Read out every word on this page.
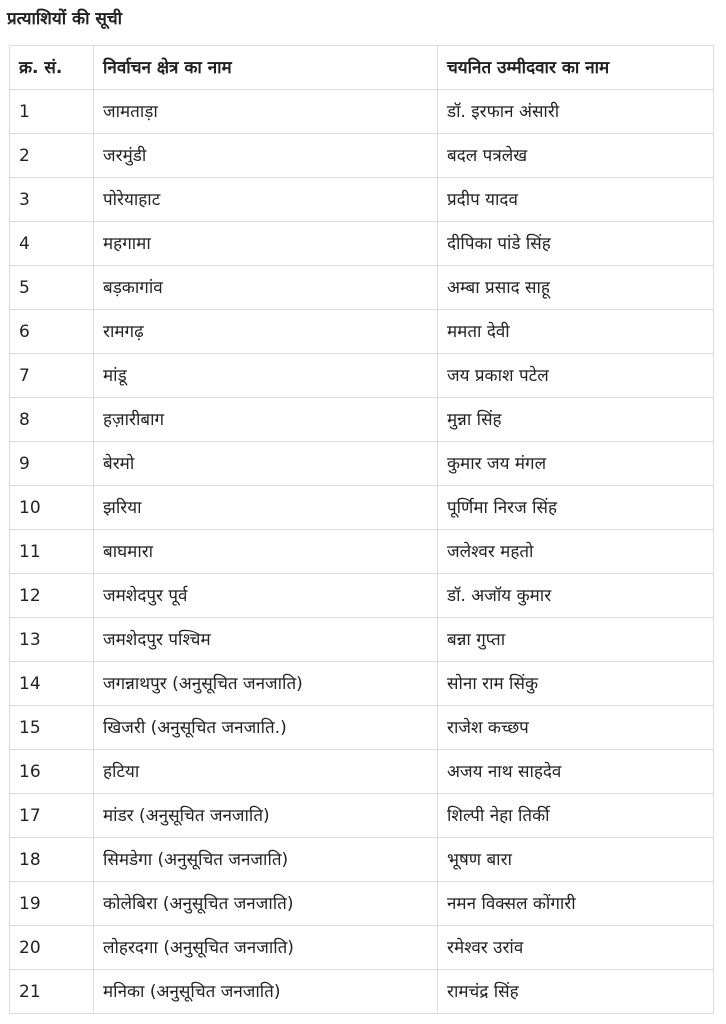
प्रत्याशियों की सूची
क्र. सं.	निर्वाचन क्षेत्र का नाम	चयनित उम्मीदवार का नाम
1	जामताड़ा	डॉ. इरफान अंसारी
2	जरमुंडी	बदल पत्रलेख
3	पोरेयाहाट	प्रदीप यादव
4	महगामा	दीपिका पांडे सिंह
5	बड़कागांव	अम्बा प्रसाद साहू
6	रामगढ़	ममता देवी
7	मांडू	जय प्रकाश पटेल
8	हज़ारीबाग	मुन्ना सिंह
9	बेरमो	कुमार जय मंगल
10	झरिया	पूर्णिमा निरज सिंह
11	बाघमारा	जलेश्वर महतो
12	जमशेदपुर पूर्व	डॉ. अजॉय कुमार
13	जमशेदपुर पश्चिम	बन्ना गुप्ता
14	जगन्नाथपुर (अनुसूचित जनजाति)	सोना राम सिंकु
15	खिजरी (अनुसूचित जनजाति.)	राजेश कच्छप
16	हटिया	अजय नाथ साहदेव
17	मांडर (अनुसूचित जनजाति)	शिल्पी नेहा तिर्की
18	सिमडेगा (अनुसूचित जनजाति)	भूषण बारा
19	कोलेबिरा (अनुसूचित जनजाति)	नमन विक्सल कोंगारी
20	लोहरदगा (अनुसूचित जनजाति)	रमेश्वर उरांव
21	मनिका (अनुसूचित जनजाति)	रामचंद्र सिंह
